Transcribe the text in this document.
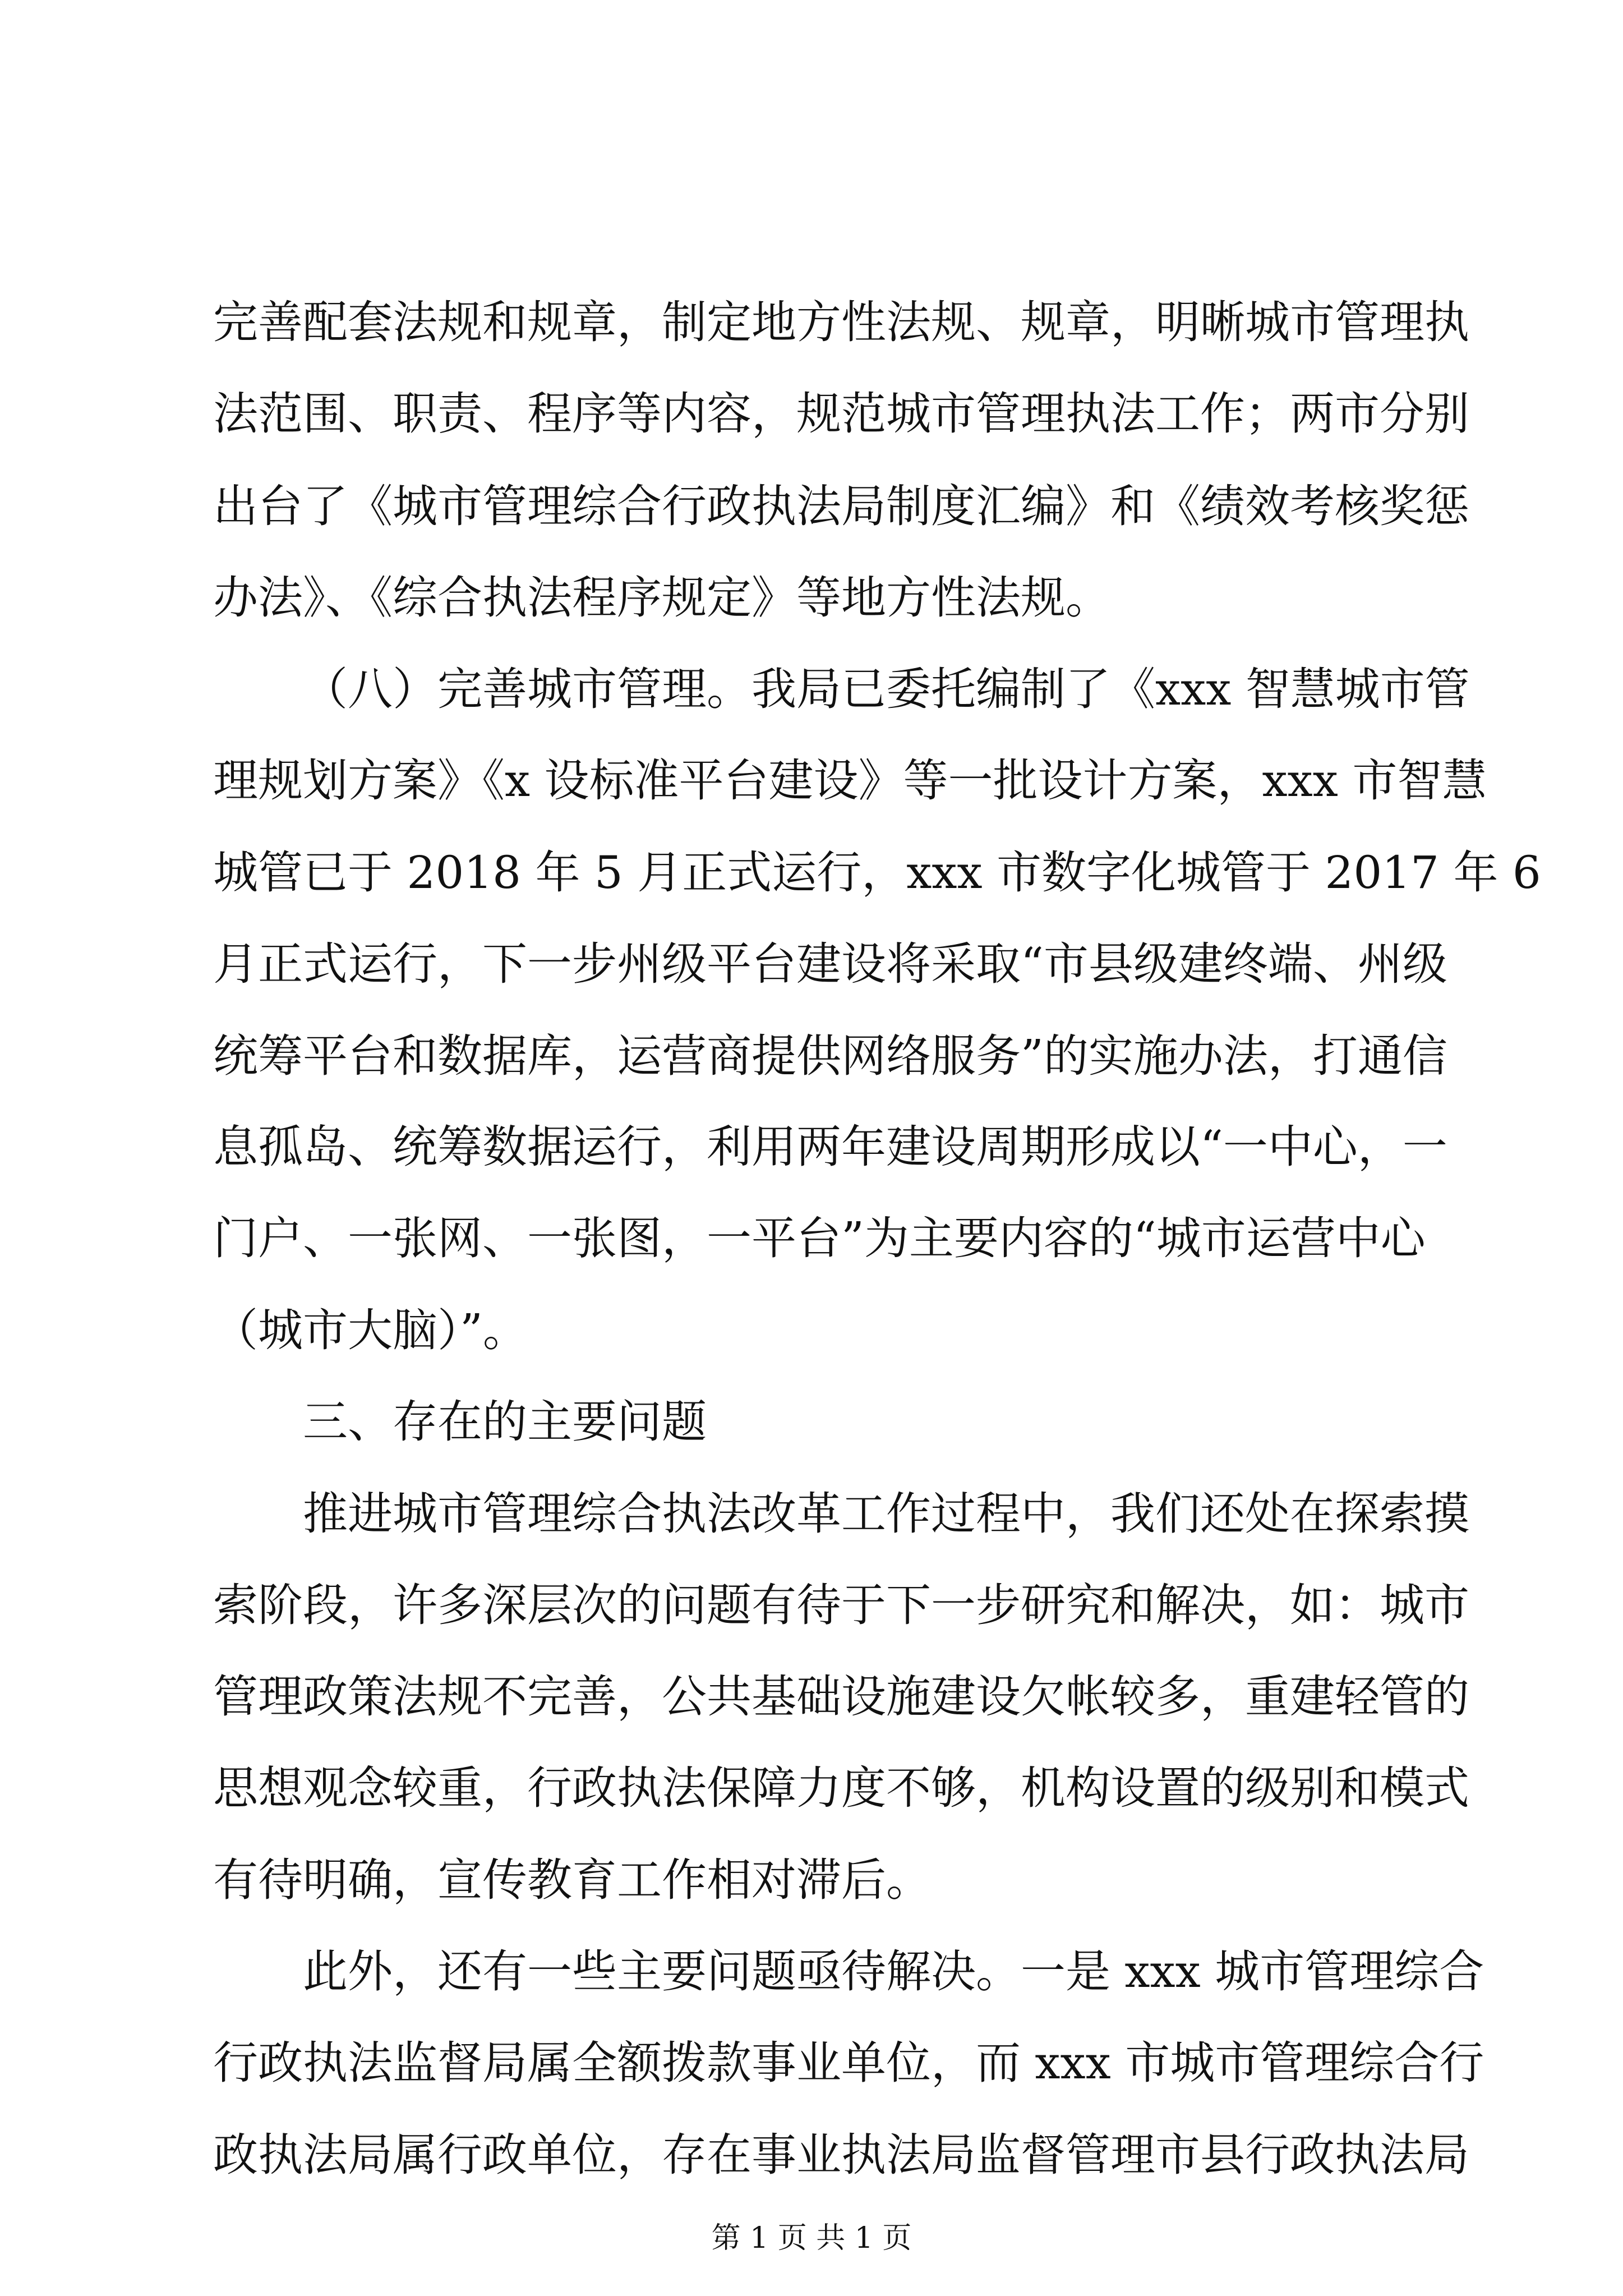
完善配套法规和规章，制定地方性法规、规章，明晰城市管理执
法范围、职责、程序等内容，规范城市管理执法工作；两市分别
出台了《城市管理综合行政执法局制度汇编》和《绩效考核奖惩
办法》、《综合执法程序规定》等地方性法规。
（八）完善城市管理。我局已委托编制了《xxx 智慧城市管
理规划方案》《x 设标准平台建设》等一批设计方案，xxx 市智慧
城管已于 2018 年 5 月正式运行，xxx 市数字化城管于 2017 年 6
月正式运行，下一步州级平台建设将采取“市县级建终端、州级
统筹平台和数据库，运营商提供网络服务”的实施办法，打通信
息孤岛、统筹数据运行，利用两年建设周期形成以“一中心，一
门户、一张网、一张图，一平台”为主要内容的“城市运营中心
（城市大脑）”。
三、存在的主要问题
推进城市管理综合执法改革工作过程中，我们还处在探索摸
索阶段，许多深层次的问题有待于下一步研究和解决，如：城市
管理政策法规不完善，公共基础设施建设欠帐较多，重建轻管的
思想观念较重，行政执法保障力度不够，机构设置的级别和模式
有待明确，宣传教育工作相对滞后。
此外，还有一些主要问题亟待解决。一是 xxx 城市管理综合
行政执法监督局属全额拨款事业单位，而 xxx 市城市管理综合行
政执法局属行政单位，存在事业执法局监督管理市县行政执法局
第 1 页 共 1 页
